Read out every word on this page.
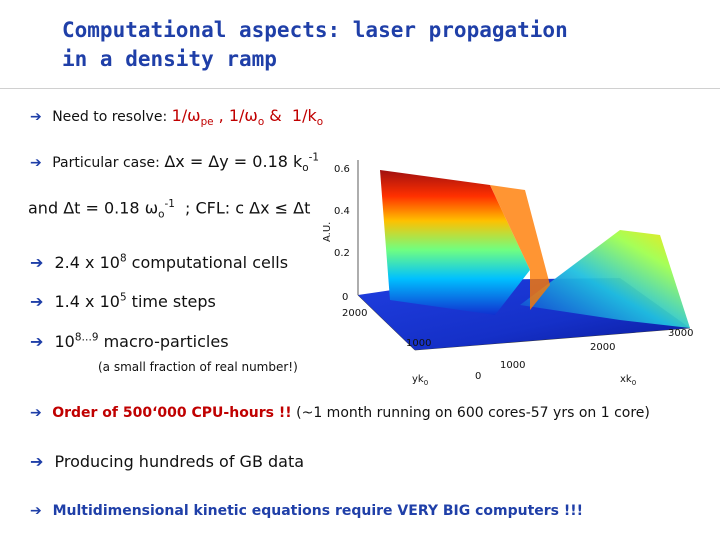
Computational aspects: laser propagation
in a density ramp
➔ Need to resolve: $1/\omega_{pe}$ , $1/\omega_o$ &  $1/k_o$
➔ Particular case: Δx = Δy = 0.18 $k_o^{-1}$
and Δt = 0.18 $\omega_o^{-1}$  ; CFL: c Δx ≤ Δt
➔ 2.4 x $10^8$ computational cells
➔ 1.4 x $10^5$ time steps
➔ $10^{8\dots 9}$ macro-particles
(a small fraction of real number!)
➔ Order of 500‘000 CPU-hours !! (~1 month running on 600 cores-57 yrs on 1 core)
➔ Producing hundreds of GB data
➔ Multidimensional kinetic equations require VERY BIG computers !!!
0
0.2
0.4
0.6
A.U.
2000
1000
0
$yk_0$
1000
2000
3000
$xk_0$
